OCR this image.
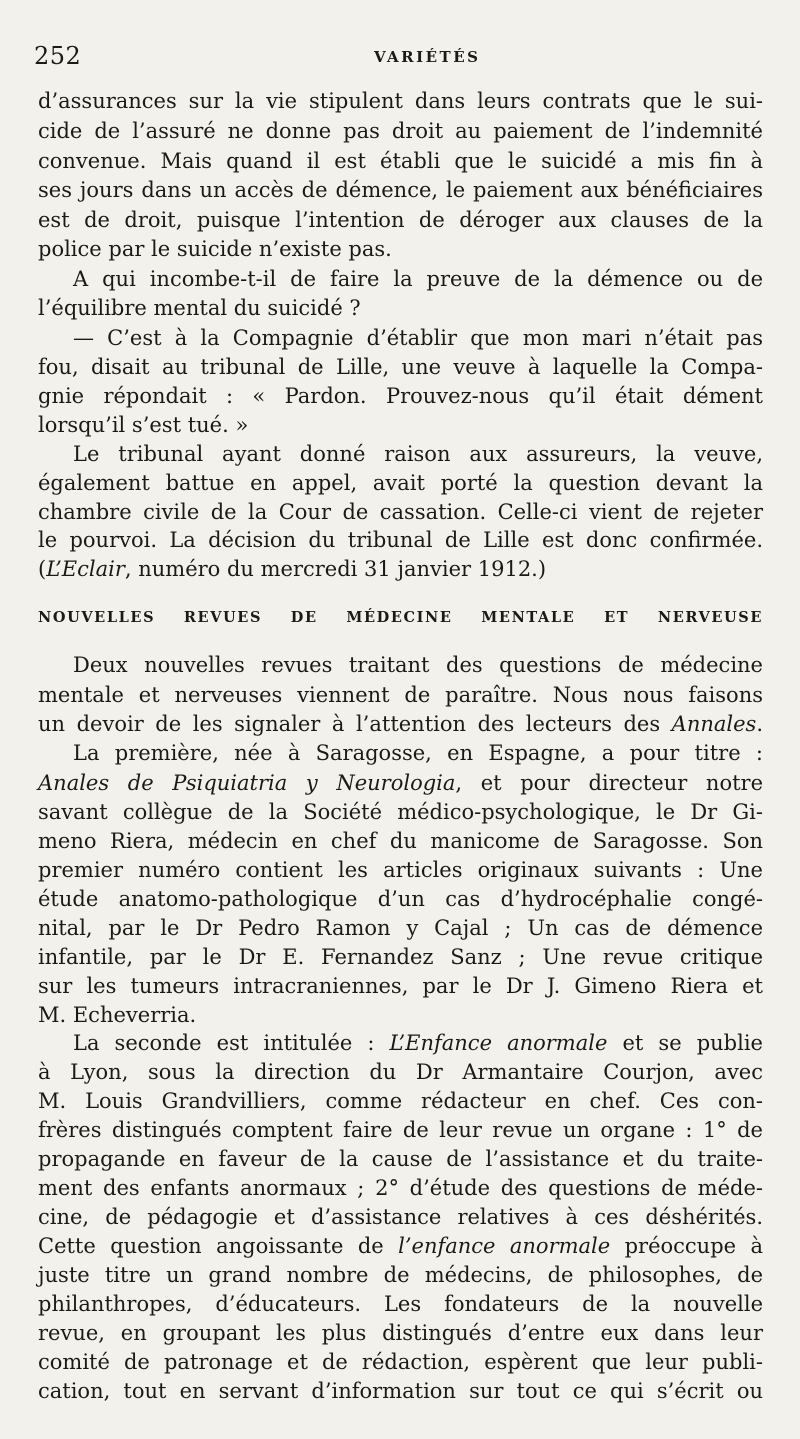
252	VARIÉTÉS
d’assurances sur la vie stipulent dans leurs contrats que le sui-
cide de l’assuré ne donne pas droit au paiement de l’indemnité
convenue. Mais quand il est établi que le suicidé a mis fin à
ses jours dans un accès de démence, le paiement aux bénéficiaires
est de droit, puisque l’intention de déroger aux clauses de la
police par le suicide n’existe pas.
A qui incombe-t-il de faire la preuve de la démence ou de
l’équilibre mental du suicidé ?
— C’est à la Compagnie d’établir que mon mari n’était pas
fou, disait au tribunal de Lille, une veuve à laquelle la Compa-
gnie répondait : « Pardon. Prouvez-nous qu’il était dément
lorsqu’il s’est tué. »
Le tribunal ayant donné raison aux assureurs, la veuve,
également battue en appel, avait porté la question devant la
chambre civile de la Cour de cassation. Celle-ci vient de rejeter
le pourvoi. La décision du tribunal de Lille est donc confirmée.
(L’Eclair, numéro du mercredi 31 janvier 1912.)
NOUVELLES REVUES DE MÉDECINE MENTALE ET NERVEUSE
Deux nouvelles revues traitant des questions de médecine
mentale et nerveuses viennent de paraître. Nous nous faisons
un devoir de les signaler à l’attention des lecteurs des Annales.
La première, née à Saragosse, en Espagne, a pour titre :
Anales de Psiquiatria y Neurologia, et pour directeur notre
savant collègue de la Société médico-psychologique, le Dr Gi-
meno Riera, médecin en chef du manicome de Saragosse. Son
premier numéro contient les articles originaux suivants : Une
étude anatomo-pathologique d’un cas d’hydrocéphalie congé-
nital, par le Dr Pedro Ramon y Cajal ; Un cas de démence
infantile, par le Dr E. Fernandez Sanz ; Une revue critique
sur les tumeurs intracraniennes, par le Dr J. Gimeno Riera et
M. Echeverria.
La seconde est intitulée : L’Enfance anormale et se publie
à Lyon, sous la direction du Dr Armantaire Courjon, avec
M. Louis Grandvilliers, comme rédacteur en chef. Ces con-
frères distingués comptent faire de leur revue un organe : 1° de
propagande en faveur de la cause de l’assistance et du traite-
ment des enfants anormaux ; 2° d’étude des questions de méde-
cine, de pédagogie et d’assistance relatives à ces déshérités.
Cette question angoissante de l’enfance anormale préoccupe à
juste titre un grand nombre de médecins, de philosophes, de
philanthropes, d’éducateurs. Les fondateurs de la nouvelle
revue, en groupant les plus distingués d’entre eux dans leur
comité de patronage et de rédaction, espèrent que leur publi-
cation, tout en servant d’information sur tout ce qui s’écrit ou
